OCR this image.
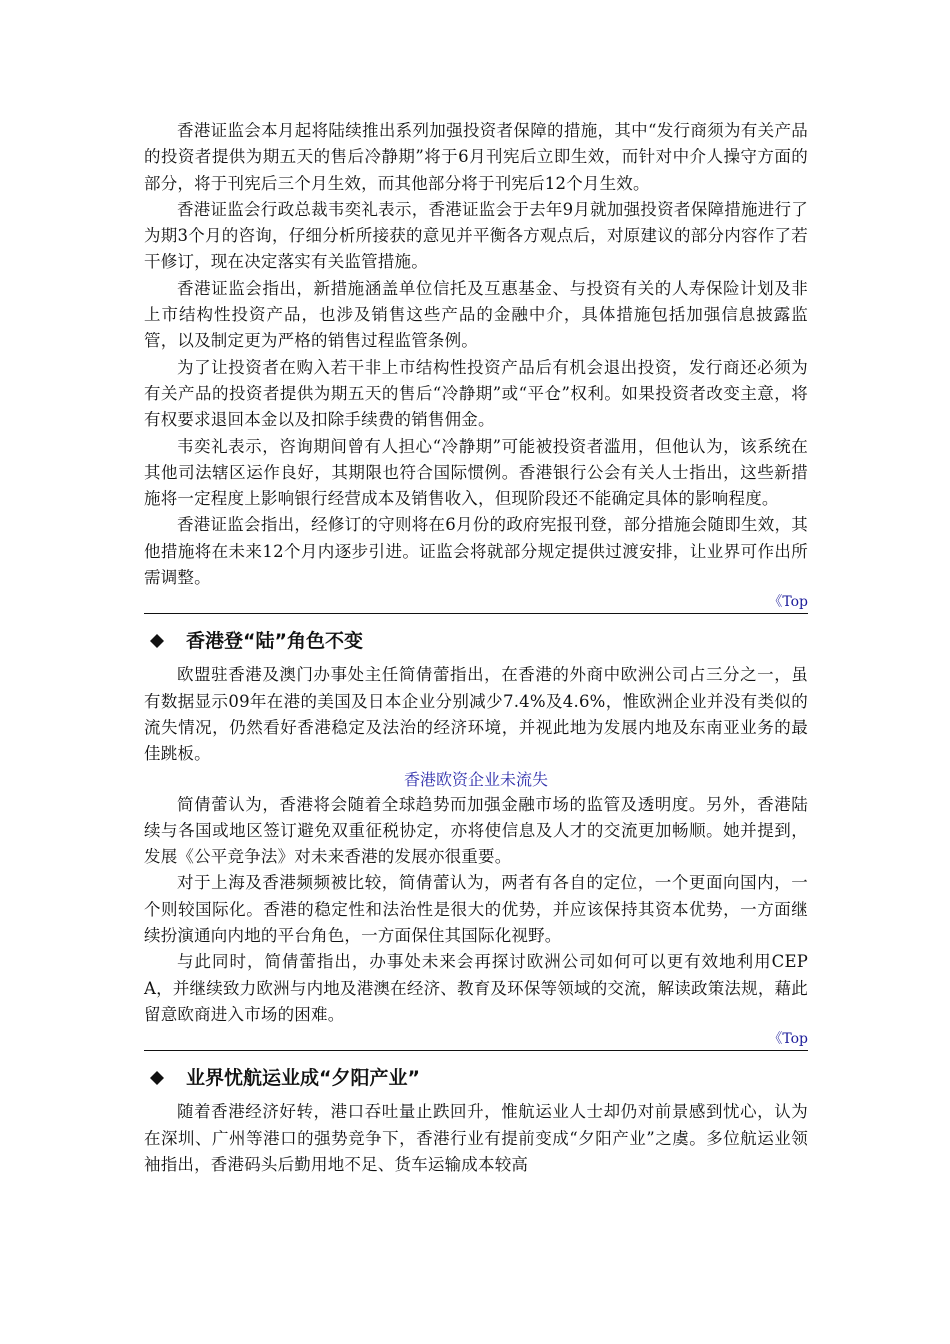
香港证监会本月起将陆续推出系列加强投资者保障的措施，其中“发行商须为有关产品的投资者提供为期五天的售后冷静期”将于6月刊宪后立即生效，而针对中介人操守方面的部分，将于刊宪后三个月生效，而其他部分将于刊宪后12个月生效。

香港证监会行政总裁韦奕礼表示，香港证监会于去年9月就加强投资者保障措施进行了为期3个月的咨询，仔细分析所接获的意见并平衡各方观点后，对原建议的部分内容作了若干修订，现在决定落实有关监管措施。

香港证监会指出，新措施涵盖单位信托及互惠基金、与投资有关的人寿保险计划及非上市结构性投资产品，也涉及销售这些产品的金融中介，具体措施包括加强信息披露监管，以及制定更为严格的销售过程监管条例。

为了让投资者在购入若干非上市结构性投资产品后有机会退出投资，发行商还必须为有关产品的投资者提供为期五天的售后“冷静期”或“平仓”权利。如果投资者改变主意，将有权要求退回本金以及扣除手续费的销售佣金。

韦奕礼表示，咨询期间曾有人担心“冷静期”可能被投资者滥用，但他认为，该系统在其他司法辖区运作良好，其期限也符合国际惯例。香港银行公会有关人士指出，这些新措施将一定程度上影响银行经营成本及销售收入，但现阶段还不能确定具体的影响程度。

香港证监会指出，经修订的守则将在6月份的政府宪报刊登，部分措施会随即生效，其他措施将在未来12个月内逐步引进。证监会将就部分规定提供过渡安排，让业界可作出所需调整。

《Top
香港登“陆”角色不变

欧盟驻香港及澳门办事处主任简倩蕾指出，在香港的外商中欧洲公司占三分之一，虽有数据显示09年在港的美国及日本企业分别减少7.4%及4.6%，惟欧洲企业并没有类似的流失情况，仍然看好香港稳定及法治的经济环境，并视此地为发展内地及东南亚业务的最佳跳板。

香港欧资企业未流失

简倩蕾认为，香港将会随着全球趋势而加强金融市场的监管及透明度。另外，香港陆续与各国或地区签订避免双重征税协定，亦将使信息及人才的交流更加畅顺。她并提到，发展《公平竞争法》对未来香港的发展亦很重要。

对于上海及香港频频被比较，简倩蕾认为，两者有各自的定位，一个更面向国内，一个则较国际化。香港的稳定性和法治性是很大的优势，并应该保持其资本优势，一方面继续扮演通向内地的平台角色，一方面保住其国际化视野。

与此同时，简倩蕾指出，办事处未来会再探讨欧洲公司如何可以更有效地利用CEPA，并继续致力欧洲与内地及港澳在经济、教育及环保等领域的交流，解读政策法规，藉此留意欧商进入市场的困难。

《Top
业界忧航运业成“夕阳产业”

随着香港经济好转，港口吞吐量止跌回升，惟航运业人士却仍对前景感到忧心，认为在深圳、广州等港口的强势竞争下，香港行业有提前变成“夕阳产业”之虞。多位航运业领袖指出，香港码头后勤用地不足、货车运输成本较高
